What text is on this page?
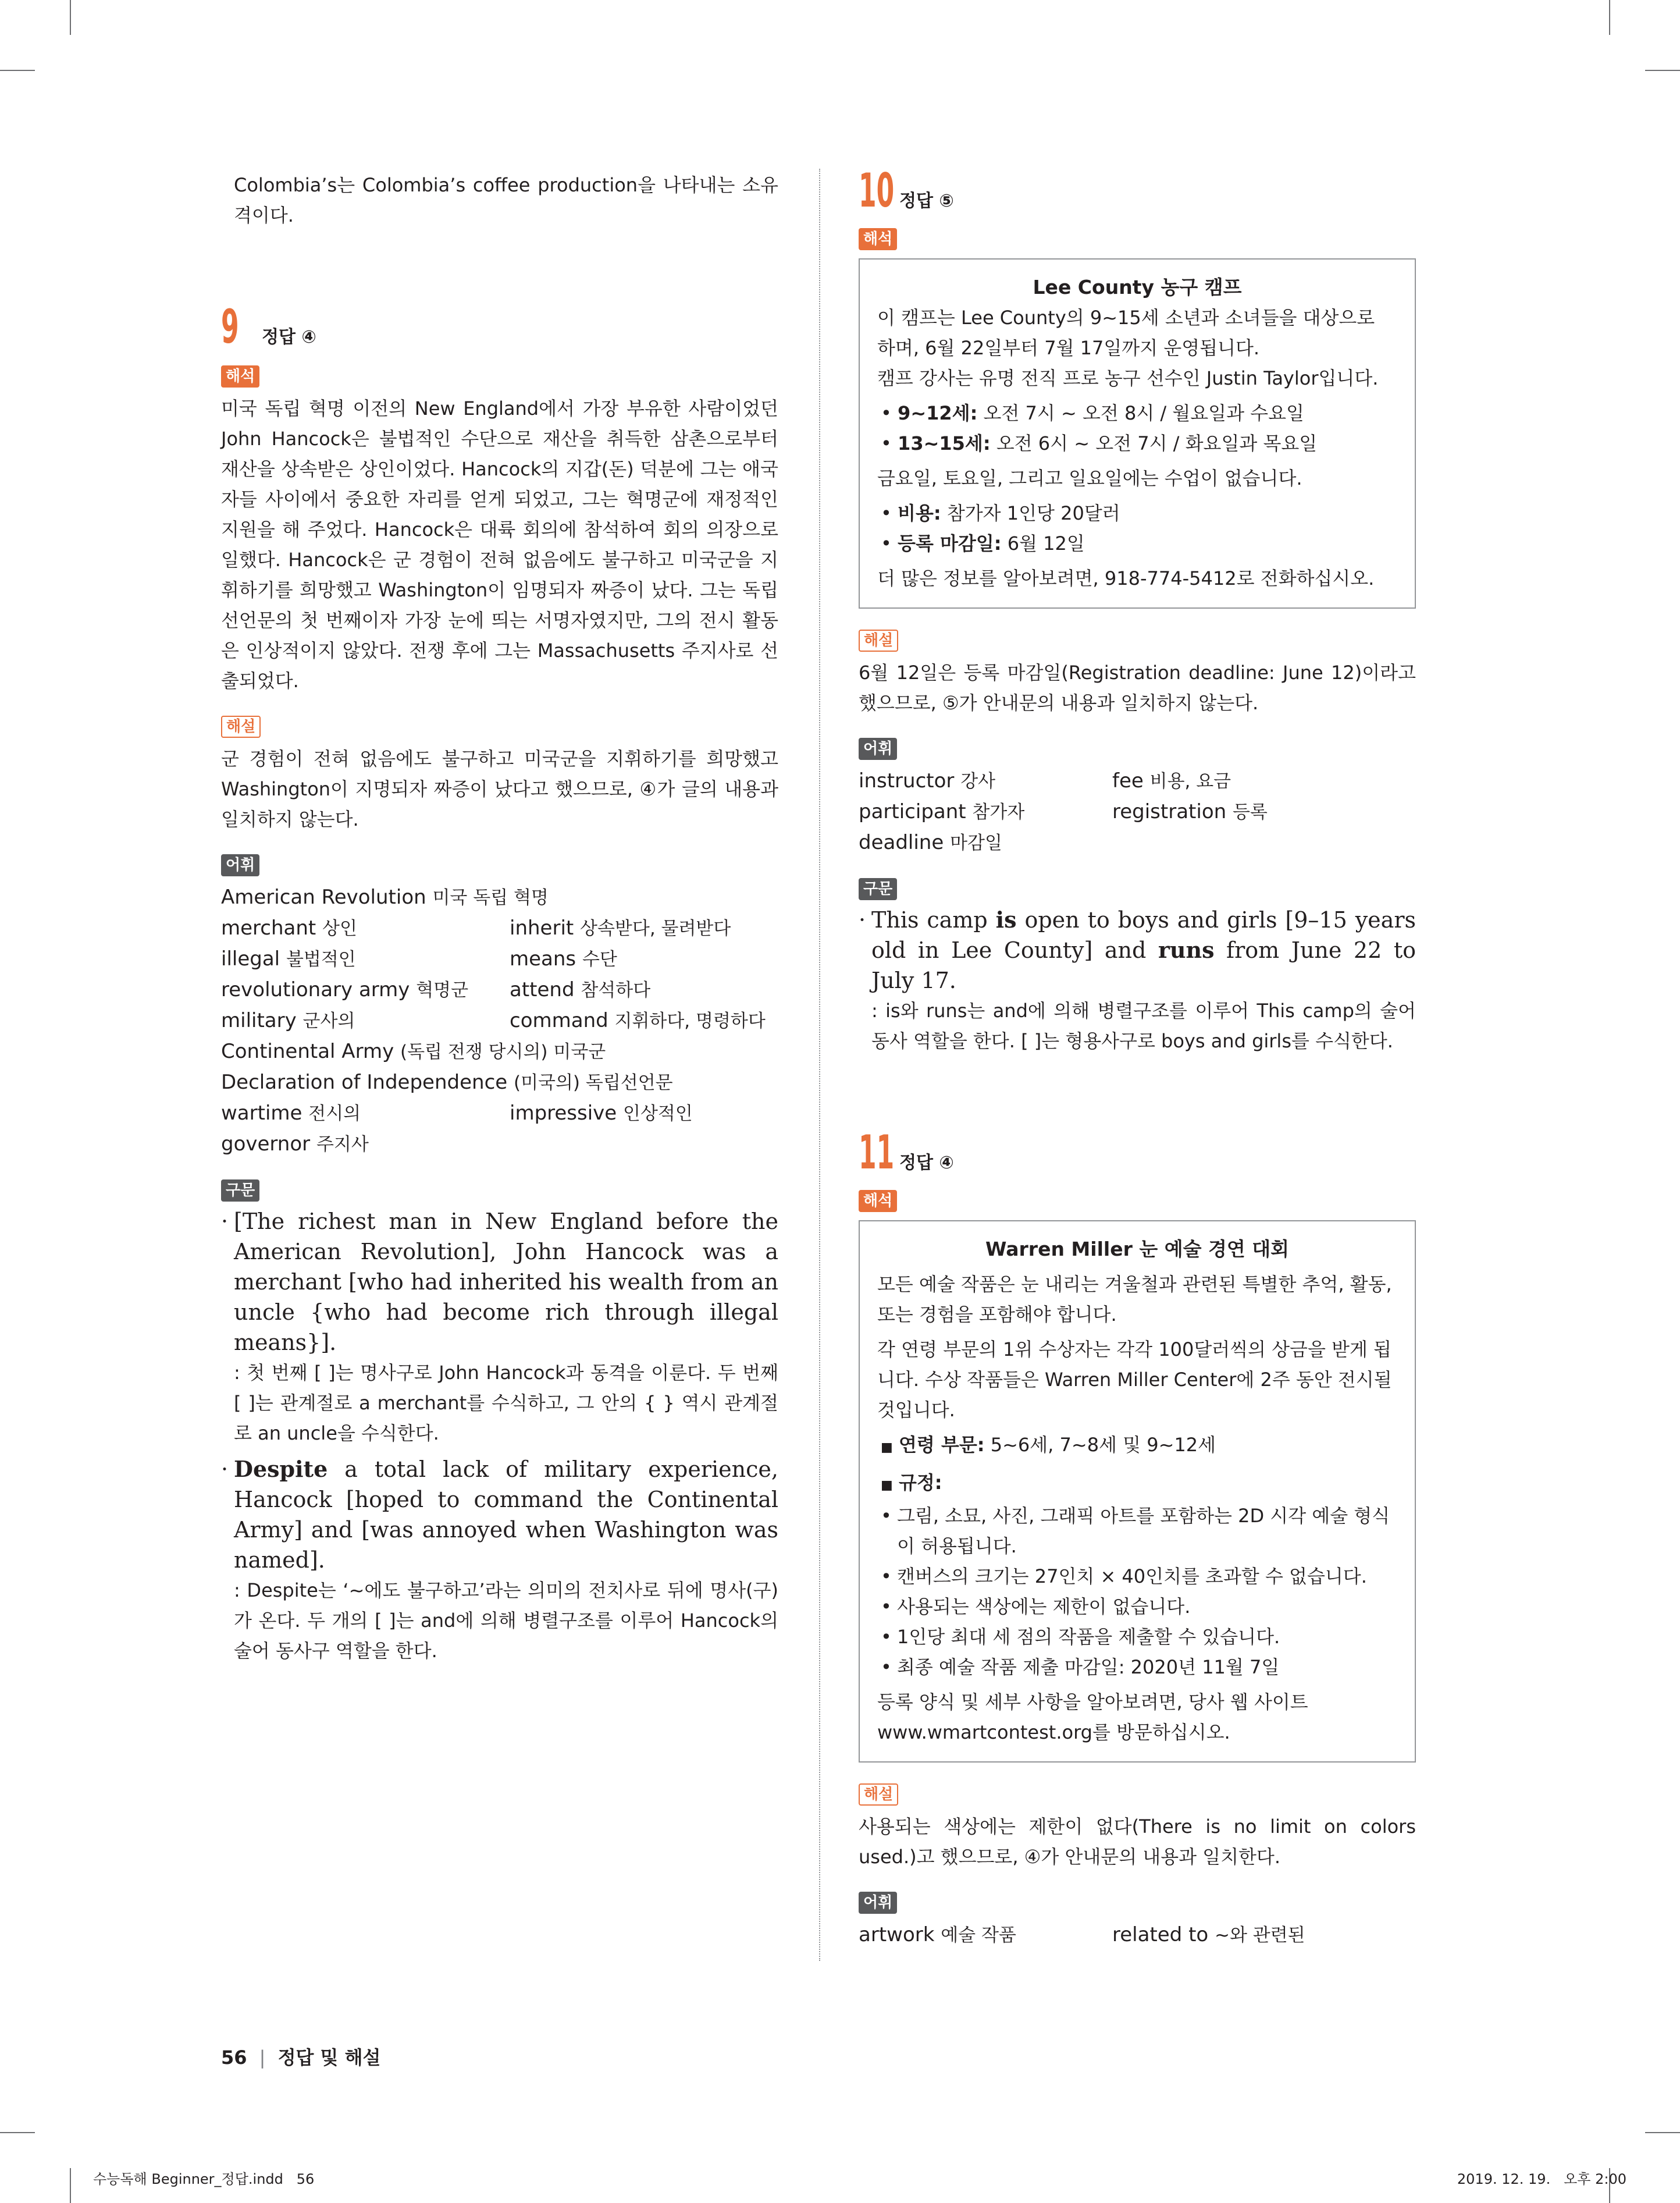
Colombia’s는 Colombia’s coffee production을 나타내는 소유격이다.

9 정답 ④
해석

미국 독립 혁명 이전의 New England에서 가장 부유한 사람이었던 John Hancock은 불법적인 수단으로 재산을 취득한 삼촌으로부터 재산을 상속받은 상인이었다. Hancock의 지갑(돈) 덕분에 그는 애국자들 사이에서 중요한 자리를 얻게 되었고, 그는 혁명군에 재정적인 지원을 해 주었다. Hancock은 대륙 회의에 참석하여 회의 의장으로 일했다. Hancock은 군 경험이 전혀 없음에도 불구하고 미국군을 지휘하기를 희망했고 Washington이 임명되자 짜증이 났다. 그는 독립선언문의 첫 번째이자 가장 눈에 띄는 서명자였지만, 그의 전시 활동은 인상적이지 않았다. 전쟁 후에 그는 Massachusetts 주지사로 선출되었다.

해설

군 경험이 전혀 없음에도 불구하고 미국군을 지휘하기를 희망했고 Washington이 지명되자 짜증이 났다고 했으므로, ④가 글의 내용과 일치하지 않는다.

어휘
American Revolution 미국 독립 혁명
merchant 상인	inherit 상속받다, 물려받다
illegal 불법적인	means 수단
revolutionary army 혁명군	attend 참석하다
military 군사의	command 지휘하다, 명령하다
Continental Army (독립 전쟁 당시의) 미국군
Declaration of Independence (미국의) 독립선언문
wartime 전시의	impressive 인상적인
governor 주지사
구문
· [The richest man in New England before the American Revolution], John Hancock was a merchant [who had inherited his wealth from an uncle {who had become rich through illegal means}].

: 첫 번째 [ ]는 명사구로 John Hancock과 동격을 이룬다. 두 번째 [ ]는 관계절로 a merchant를 수식하고, 그 안의 { } 역시 관계절로 an uncle을 수식한다.

· Despite a total lack of military experience, Hancock [hoped to command the Continental Army] and [was annoyed when Washington was named].

: Despite는 ‘~에도 불구하고’라는 의미의 전치사로 뒤에 명사(구)가 온다. 두 개의 [ ]는 and에 의해 병렬구조를 이루어 Hancock의 술어 동사구 역할을 한다.

10 정답 ⑤
해석
Lee County 농구 캠프
이 캠프는 Lee County의 9~15세 소년과 소녀들을 대상으로 하며, 6월 22일부터 7월 17일까지 운영됩니다.
캠프 강사는 유명 전직 프로 농구 선수인 Justin Taylor입니다.
• 9~12세: 오전 7시 ~ 오전 8시 / 월요일과 수요일
• 13~15세: 오전 6시 ~ 오전 7시 / 화요일과 목요일
금요일, 토요일, 그리고 일요일에는 수업이 없습니다.
• 비용: 참가자 1인당 20달러
• 등록 마감일: 6월 12일
더 많은 정보를 알아보려면, 918-774-5412로 전화하십시오.
해설

6월 12일은 등록 마감일(Registration deadline: June 12)이라고 했으므로, ⑤가 안내문의 내용과 일치하지 않는다.

어휘
instructor 강사	fee 비용, 요금
participant 참가자	registration 등록
deadline 마감일
구문
· This camp is open to boys and girls [9–15 years old in Lee County] and runs from June 22 to July 17.

: is와 runs는 and에 의해 병렬구조를 이루어 This camp의 술어 동사 역할을 한다. [ ]는 형용사구로 boys and girls를 수식한다.

11 정답 ④
해석
Warren Miller 눈 예술 경연 대회
모든 예술 작품은 눈 내리는 겨울철과 관련된 특별한 추억, 활동, 또는 경험을 포함해야 합니다.
각 연령 부문의 1위 수상자는 각각 100달러씩의 상금을 받게 됩니다. 수상 작품들은 Warren Miller Center에 2주 동안 전시될 것입니다.
■ 연령 부문: 5~6세, 7~8세 및 9~12세
■ 규정:
• 그림, 소묘, 사진, 그래픽 아트를 포함하는 2D 시각 예술 형식이 허용됩니다.
• 캔버스의 크기는 27인치 × 40인치를 초과할 수 없습니다.
• 사용되는 색상에는 제한이 없습니다.
• 1인당 최대 세 점의 작품을 제출할 수 있습니다.
• 최종 예술 작품 제출 마감일: 2020년 11월 7일
등록 양식 및 세부 사항을 알아보려면, 당사 웹 사이트 www.wmartcontest.org를 방문하십시오.
해설

사용되는 색상에는 제한이 없다(There is no limit on colors used.)고 했으므로, ④가 안내문의 내용과 일치한다.

어휘
artwork 예술 작품	related to ~와 관련된
56 | 정답 및 해설
수능독해 Beginner_정답.indd   56	2019. 12. 19.   오후 2:00
